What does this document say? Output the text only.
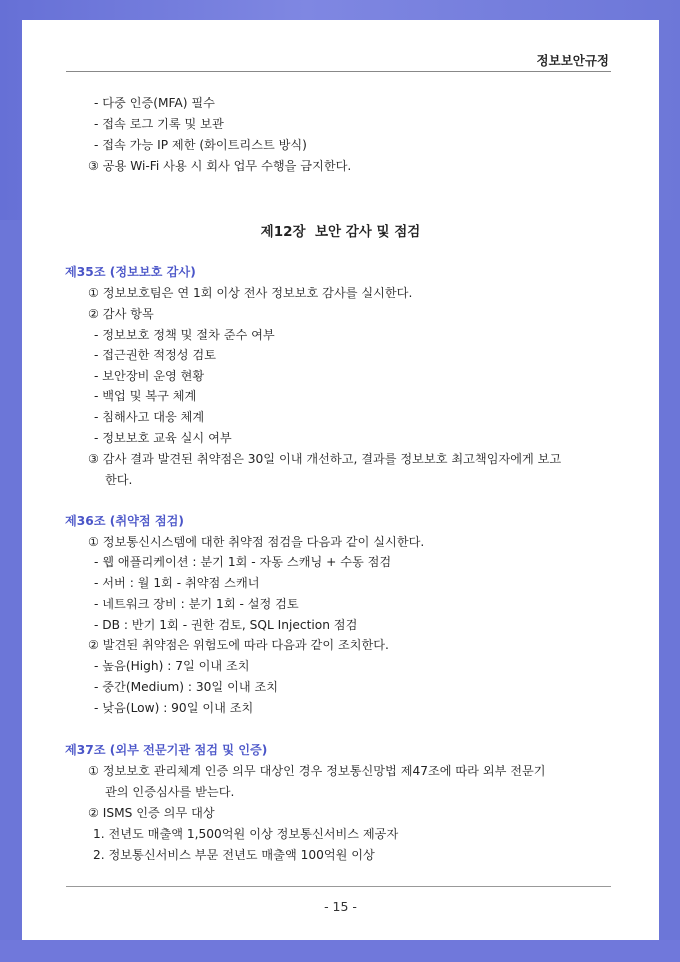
정보보안규정
- 다중 인증(MFA) 필수
- 접속 로그 기록 및 보관
- 접속 가능 IP 제한 (화이트리스트 방식)
③ 공용 Wi-Fi 사용 시 회사 업무 수행을 금지한다.
제12장  보안 감사 및 점검
제35조 (정보보호 감사)
① 정보보호팀은 연 1회 이상 전사 정보보호 감사를 실시한다.
② 감사 항목
- 정보보호 정책 및 절차 준수 여부
- 접근권한 적정성 검토
- 보안장비 운영 현황
- 백업 및 복구 체계
- 침해사고 대응 체계
- 정보보호 교육 실시 여부
③ 감사 결과 발견된 취약점은 30일 이내 개선하고, 결과를 정보보호 최고책임자에게 보고
한다.
제36조 (취약점 점검)
① 정보통신시스템에 대한 취약점 점검을 다음과 같이 실시한다.
- 웹 애플리케이션 : 분기 1회 - 자동 스캐닝 + 수동 점검
- 서버 : 월 1회 - 취약점 스캐너
- 네트워크 장비 : 분기 1회 - 설정 검토
- DB : 반기 1회 - 권한 검토, SQL Injection 점검
② 발견된 취약점은 위험도에 따라 다음과 같이 조치한다.
- 높음(High) : 7일 이내 조치
- 중간(Medium) : 30일 이내 조치
- 낮음(Low) : 90일 이내 조치
제37조 (외부 전문기관 점검 및 인증)
① 정보보호 관리체계 인증 의무 대상인 경우 정보통신망법 제47조에 따라 외부 전문기
관의 인증심사를 받는다.
② ISMS 인증 의무 대상
1. 전년도 매출액 1,500억원 이상 정보통신서비스 제공자
2. 정보통신서비스 부문 전년도 매출액 100억원 이상
- 15 -
